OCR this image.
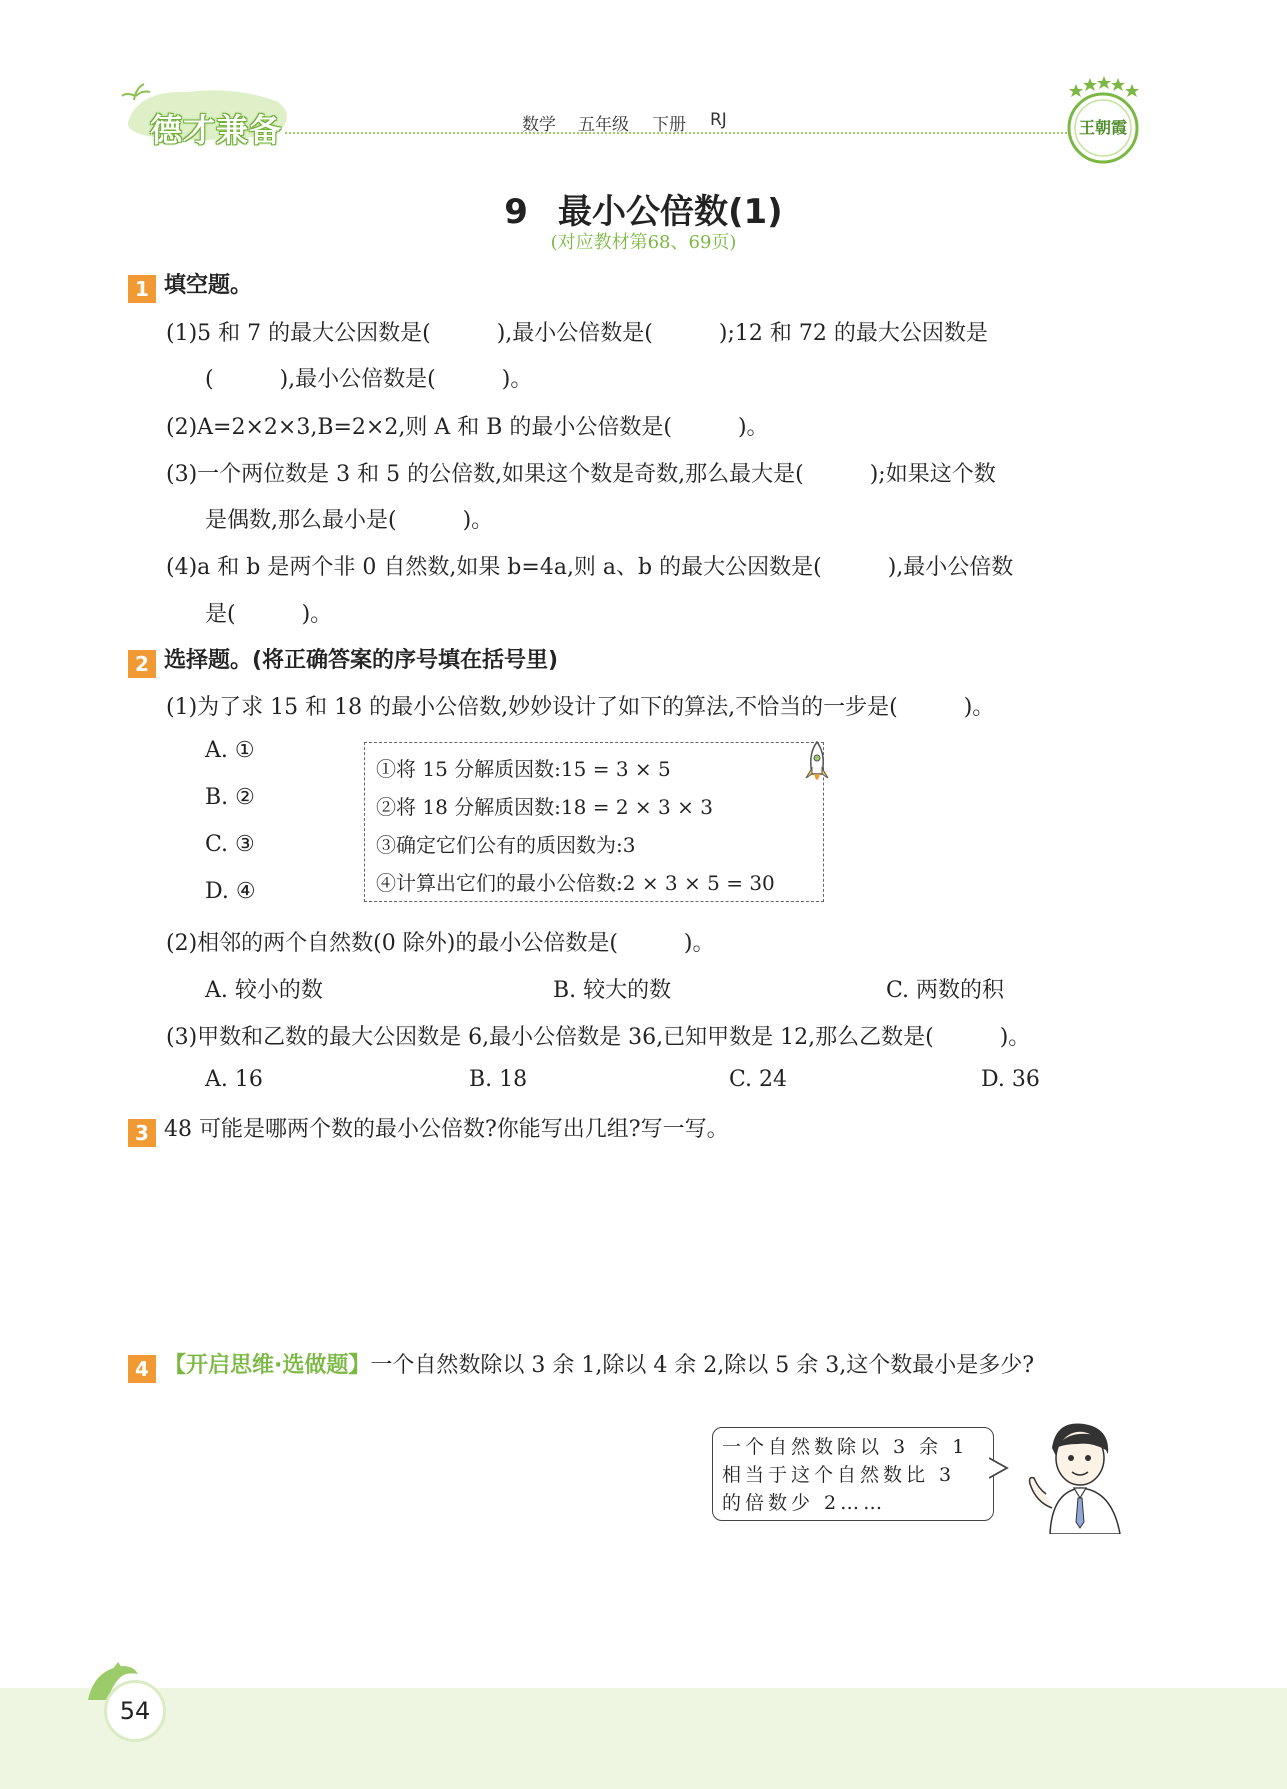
德才兼备	数学 五年级 下册 RJ	王朝霞
9 最小公倍数(1)
(对应教材第68、69页)
1 填空题。
(1)5 和 7 的最大公因数是(　　　),最小公倍数是(　　　);12 和 72 的最大公因数是
(　　　),最小公倍数是(　　　)。
(2)A=2×2×3,B=2×2,则 A 和 B 的最小公倍数是(　　　)。
(3)一个两位数是 3 和 5 的公倍数,如果这个数是奇数,那么最大是(　　　);如果这个数
是偶数,那么最小是(　　　)。
(4)a 和 b 是两个非 0 自然数,如果 b=4a,则 a、b 的最大公因数是(　　　),最小公倍数
是(　　　)。
2 选择题。(将正确答案的序号填在括号里)
(1)为了求 15 和 18 的最小公倍数,妙妙设计了如下的算法,不恰当的一步是(　　　)。
A. ①
B. ②
C. ③
D. ④
①将 15 分解质因数:15 = 3 × 5
②将 18 分解质因数:18 = 2 × 3 × 3
③确定它们公有的质因数为:3
④计算出它们的最小公倍数:2 × 3 × 5 = 30
(2)相邻的两个自然数(0 除外)的最小公倍数是(　　　)。
A. 较小的数	B. 较大的数	C. 两数的积
(3)甲数和乙数的最大公因数是 6,最小公倍数是 36,已知甲数是 12,那么乙数是(　　　)。
A. 16	B. 18	C. 24	D. 36
3 48 可能是哪两个数的最小公倍数?你能写出几组?写一写。
4 【开启思维·选做题】一个自然数除以 3 余 1,除以 4 余 2,除以 5 余 3,这个数最小是多少?
一个自然数除以 3 余 1
相当于这个自然数比 3
的倍数少 2……
54
